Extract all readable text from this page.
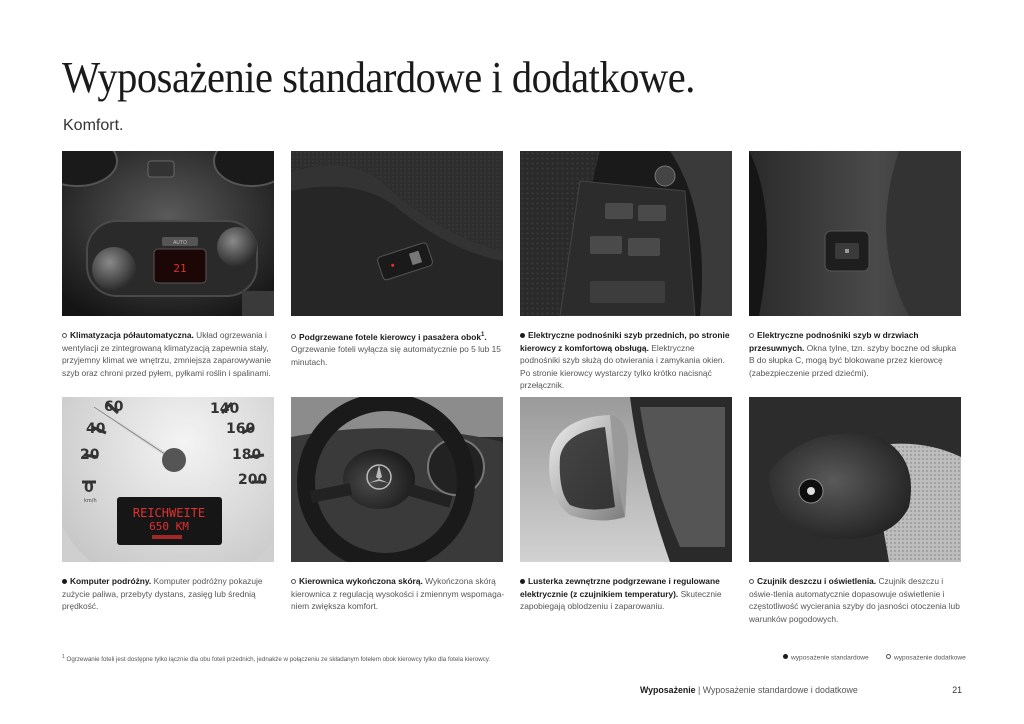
Wyposażenie standardowe i dodatkowe.
Komfort.
21
AUTO
Klimatyzacja półautomatyczna. Układ ogrzewania i wentylacji ze zintegrowaną klimatyzacją zapewnia stały, przyjemny klimat we wnętrzu, zmniejsza zaparowywanie szyb oraz chroni przed pyłem, pyłkami roślin i spalinami.
Podgrzewane fotele kierowcy i pasażera obok$^1$. Ogrzewanie foteli wyłącza się automatycznie po 5 lub 15 minutach.
Elektryczne podnośniki szyb przednich, po stronie kierowcy z komfortową obsługą. Elektryczne podnośniki szyb służą do otwierania i zamykania okien. Po stronie kierowcy wystarczy tylko krótko nacisnąć przełącznik.
Elektryczne podnośniki szyb w drzwiach przesuwnych. Okna tylne, tzn. szyby boczne od słupka B do słupka C, mogą być blokowane przez kierowcę (zabezpieczenie przed dziećmi).
0
20
40
60	140
160
180
200
km/h
REICHWEITE
650 KM
Komputer podróżny. Komputer podróżny pokazuje zużycie paliwa, przebyty dystans, zasięg lub średnią prędkość.
Kierownica wykończona skórą. Wykończona skórą kierownica z regulacją wysokości i zmiennym wspomaga-niem zwiększa komfort.
Lusterka zewnętrzne podgrzewane i regulowane elektrycznie (z czujnikiem temperatury). Skutecznie zapobiegają oblodzeniu i zaparowaniu.
Czujnik deszczu i oświetlenia. Czujnik deszczu i oświe-tlenia automatycznie dopasowuje oświetlenie i częstotliwość wycierania szyby do jasności otoczenia lub warunków pogodowych.
$^1$ Ogrzewanie foteli jest dostępne tylko łącznie dla obu foteli przednich, jednakże w połączeniu ze składanym fotelem obok kierowcy tylko dla fotela kierowcy.	wyposażenie standardowe	wyposażenie dodatkowe
Wyposażenie | Wyposażenie standardowe i dodatkowe	21
